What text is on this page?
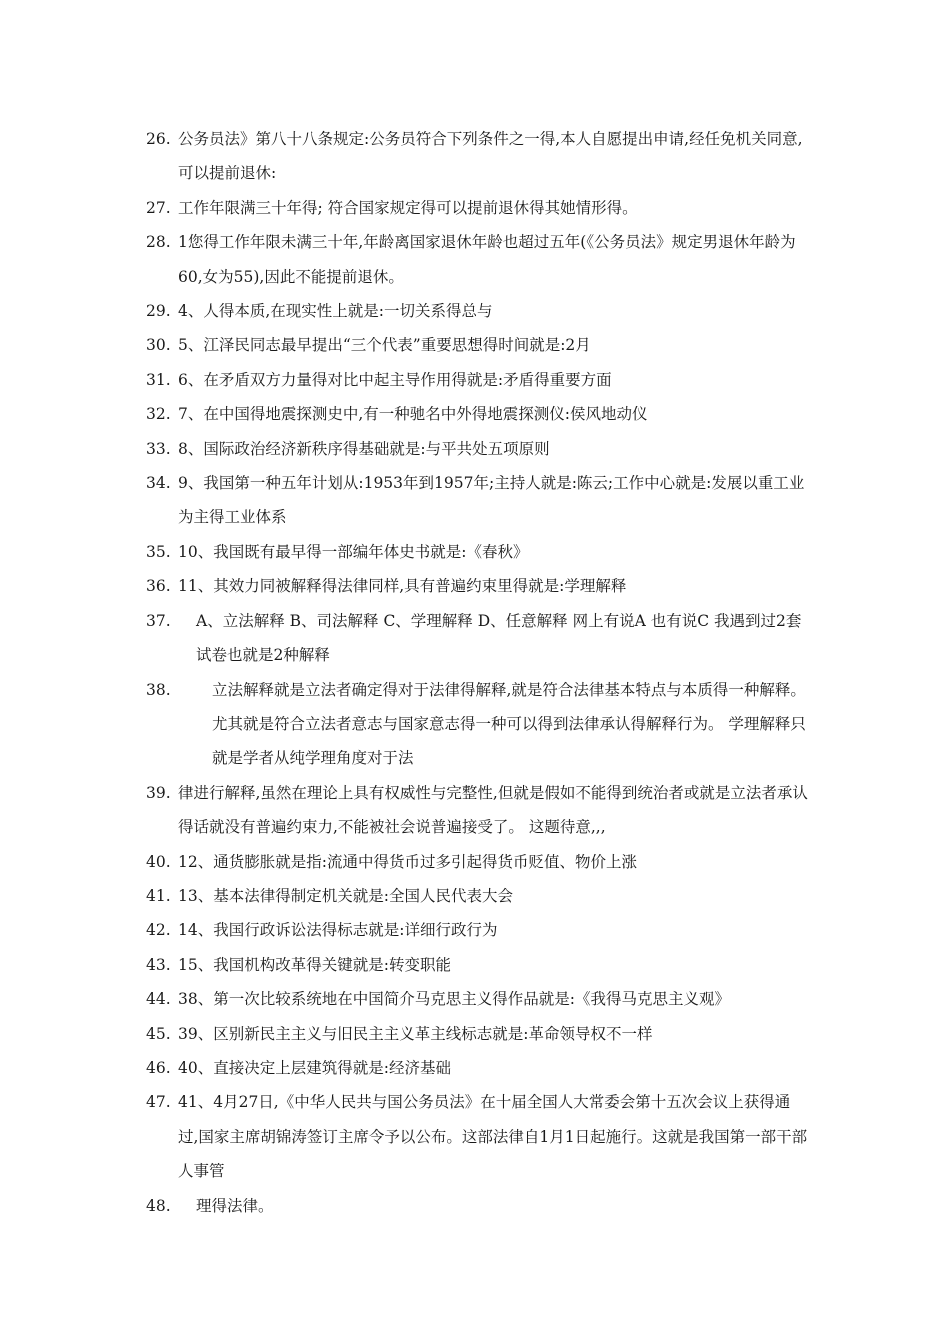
26. 公务员法》第八十八条规定:公务员符合下列条件之一得,本人自愿提出申请,经任免机关同意,可以提前退休:
27. 工作年限满三十年得; 符合国家规定得可以提前退休得其她情形得。
28. 1您得工作年限未满三十年,年龄离国家退休年龄也超过五年(《公务员法》规定男退休年龄为60,女为55),因此不能提前退休。
29. 4、人得本质,在现实性上就是:一切关系得总与
30. 5、江泽民同志最早提出“三个代表”重要思想得时间就是:2月
31. 6、在矛盾双方力量得对比中起主导作用得就是:矛盾得重要方面
32. 7、在中国得地震探测史中,有一种驰名中外得地震探测仪:侯风地动仪
33. 8、国际政治经济新秩序得基础就是:与平共处五项原则
34. 9、我国第一种五年计划从:1953年到1957年;主持人就是:陈云;工作中心就是:发展以重工业为主得工业体系
35. 10、我国既有最早得一部编年体史书就是:《春秋》
36. 11、其效力同被解释得法律同样,具有普遍约束里得就是:学理解释
37.	A、立法解释 B、司法解释 C、学理解释 D、任意解释 网上有说A 也有说C 我遇到过2套试卷也就是2种解释
38.	立法解释就是立法者确定得对于法律得解释,就是符合法律基本特点与本质得一种解释。尤其就是符合立法者意志与国家意志得一种可以得到法律承认得解释行为。 学理解释只就是学者从纯学理角度对于法
39. 律进行解释,虽然在理论上具有权威性与完整性,但就是假如不能得到统治者或就是立法者承认得话就没有普遍约束力,不能被社会说普遍接受了。 这题待意,,,
40. 12、通货膨胀就是指:流通中得货币过多引起得货币贬值、物价上涨
41. 13、基本法律得制定机关就是:全国人民代表大会
42. 14、我国行政诉讼法得标志就是:详细行政行为
43. 15、我国机构改革得关键就是:转变职能
44. 38、第一次比较系统地在中国简介马克思主义得作品就是:《我得马克思主义观》
45. 39、区别新民主主义与旧民主主义革主线标志就是:革命领导权不一样
46. 40、直接决定上层建筑得就是:经济基础
47. 41、4月27日,《中华人民共与国公务员法》在十届全国人大常委会第十五次会议上获得通过,国家主席胡锦涛签订主席令予以公布。这部法律自1月1日起施行。这就是我国第一部干部人事管
48.	理得法律。
